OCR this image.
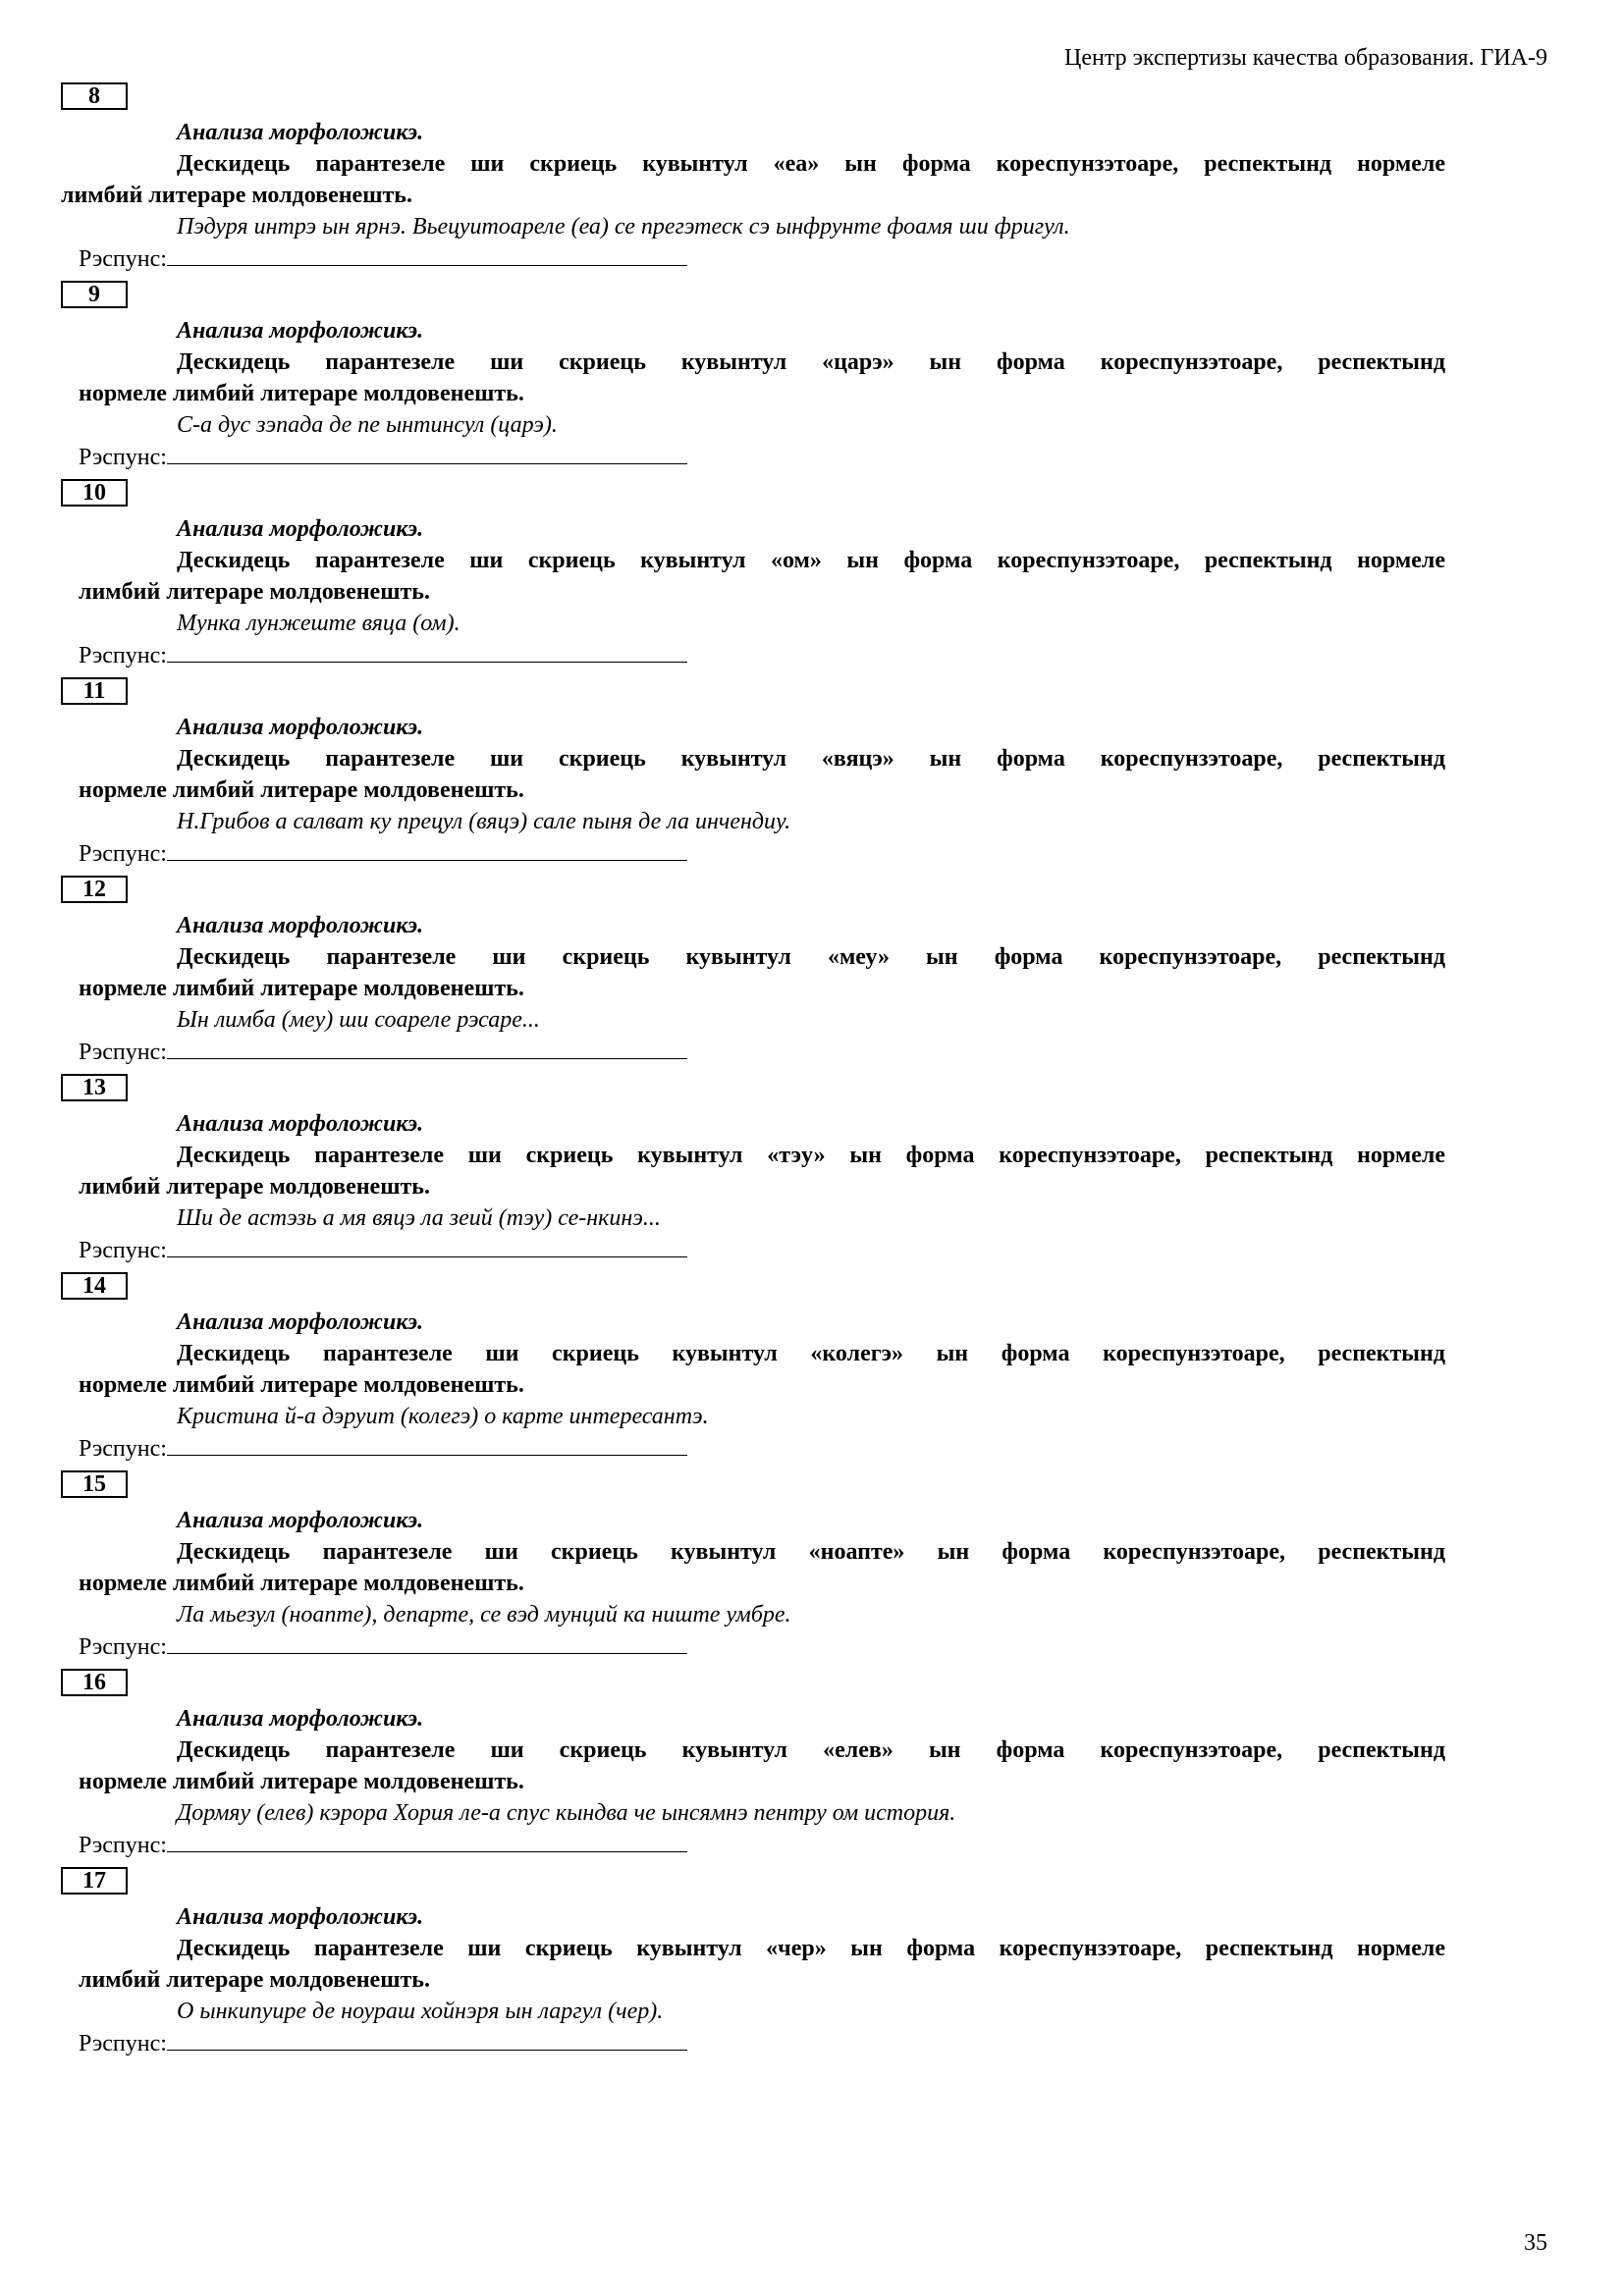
Центр экспертизы качества образования. ГИА-9
8
Анализа морфоложикэ.
Дескидець парантезеле ши скриець кувынтул «еа» ын форма кореспунзэтоаре, респектынд нормеле
лимбий литераре молдовенешть.
Пэдуря интрэ ын ярнэ. Вьецуитоареле (еа) се прегэтеск сэ ынфрунте фоамя ши фригул.
Рэспунс:
9
Анализа морфоложикэ.
Дескидець парантезеле ши скриець кувынтул «царэ» ын форма кореспунзэтоаре, респектынд
нормеле лимбий литераре молдовенешть.
С-а дус зэпада де пе ынтинсул (царэ).
Рэспунс:
10
Анализа морфоложикэ.
Дескидець парантезеле ши скриець кувынтул «ом» ын форма кореспунзэтоаре, респектынд нормеле
лимбий литераре молдовенешть.
Мунка лунжеште вяца (ом).
Рэспунс:
11
Анализа морфоложикэ.
Дескидець парантезеле ши скриець кувынтул «вяцэ» ын форма кореспунзэтоаре, респектынд
нормеле лимбий литераре молдовенешть.
Н.Грибов а салват ку прецул (вяцэ) сале пыня де ла инчендиу.
Рэспунс:
12
Анализа морфоложикэ.
Дескидець парантезеле ши скриець кувынтул «меу» ын форма кореспунзэтоаре, респектынд
нормеле лимбий литераре молдовенешть.
Ын лимба (меу) ши соареле рэсаре...
Рэспунс:
13
Анализа морфоложикэ.
Дескидець парантезеле ши скриець кувынтул «тэу» ын форма кореспунзэтоаре, респектынд нормеле
лимбий литераре молдовенешть.
Ши де астэзь а мя вяцэ ла зеий (тэу) се-нкинэ...
Рэспунс:
14
Анализа морфоложикэ.
Дескидець парантезеле ши скриець кувынтул «колегэ» ын форма кореспунзэтоаре, респектынд
нормеле лимбий литераре молдовенешть.
Кристина й-а дэруит (колегэ) о карте интересантэ.
Рэспунс:
15
Анализа морфоложикэ.
Дескидець парантезеле ши скриець кувынтул «ноапте» ын форма кореспунзэтоаре, респектынд
нормеле лимбий литераре молдовенешть.
Ла мьезул (ноапте), департе, се вэд мунций ка ниште умбре.
Рэспунс:
16
Анализа морфоложикэ.
Дескидець парантезеле ши скриець кувынтул «елев» ын форма кореспунзэтоаре, респектынд
нормеле лимбий литераре молдовенешть.
Дормяу (елев) кэрора Хория ле-а спус кындва че ынсямнэ пентру ом история.
Рэспунс:
17
Анализа морфоложикэ.
Дескидець парантезеле ши скриець кувынтул «чер» ын форма кореспунзэтоаре, респектынд нормеле
лимбий литераре молдовенешть.
О ынкипуире де ноураш хойнэря ын ларгул (чер).
Рэспунс:
35
